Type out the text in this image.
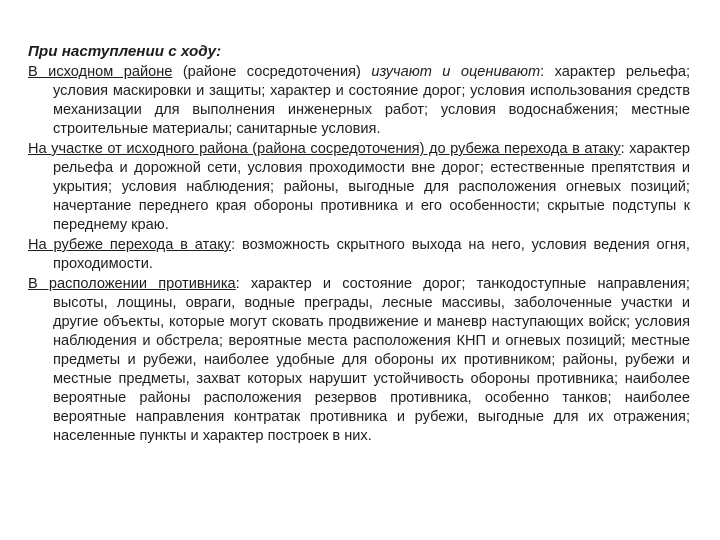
При наступлении с ходу:

В исходном районе (районе сосредоточения) изучают и оценивают: характер рельефа; условия маскировки и защиты; характер и состояние дорог; условия использования средств механизации для выполнения инженерных работ; условия водоснабжения; местные строительные материалы; санитарные условия.

На участке от исходного района (района сосредоточения) до рубежа перехода в атаку: характер рельефа и дорожной сети, условия проходимости вне дорог; естественные препятствия и укрытия; условия наблюдения; районы, выгодные для расположения огневых позиций; начертание переднего края обороны противника и его особенности; скрытые подступы к переднему краю.

На рубеже перехода в атаку: возможность скрытного выхода на него, условия ведения огня, проходимости.

В расположении противника: характер и состояние дорог; танкодоступные направления; высоты, лощины, овраги, водные преграды, лесные массивы, заболоченные участки и другие объекты, которые могут сковать продвижение и маневр наступающих войск; условия наблюдения и обстрела; вероятные места расположения КНП и огневых позиций; местные предметы и рубежи, наиболее удобные для обороны их противником; районы, рубежи и местные предметы, захват которых нарушит устойчивость обороны противника; наиболее вероятные районы расположения резервов противника, особенно танков; наиболее вероятные направления контратак противника и рубежи, выгодные для их отражения; населенные пункты и характер построек в них.
